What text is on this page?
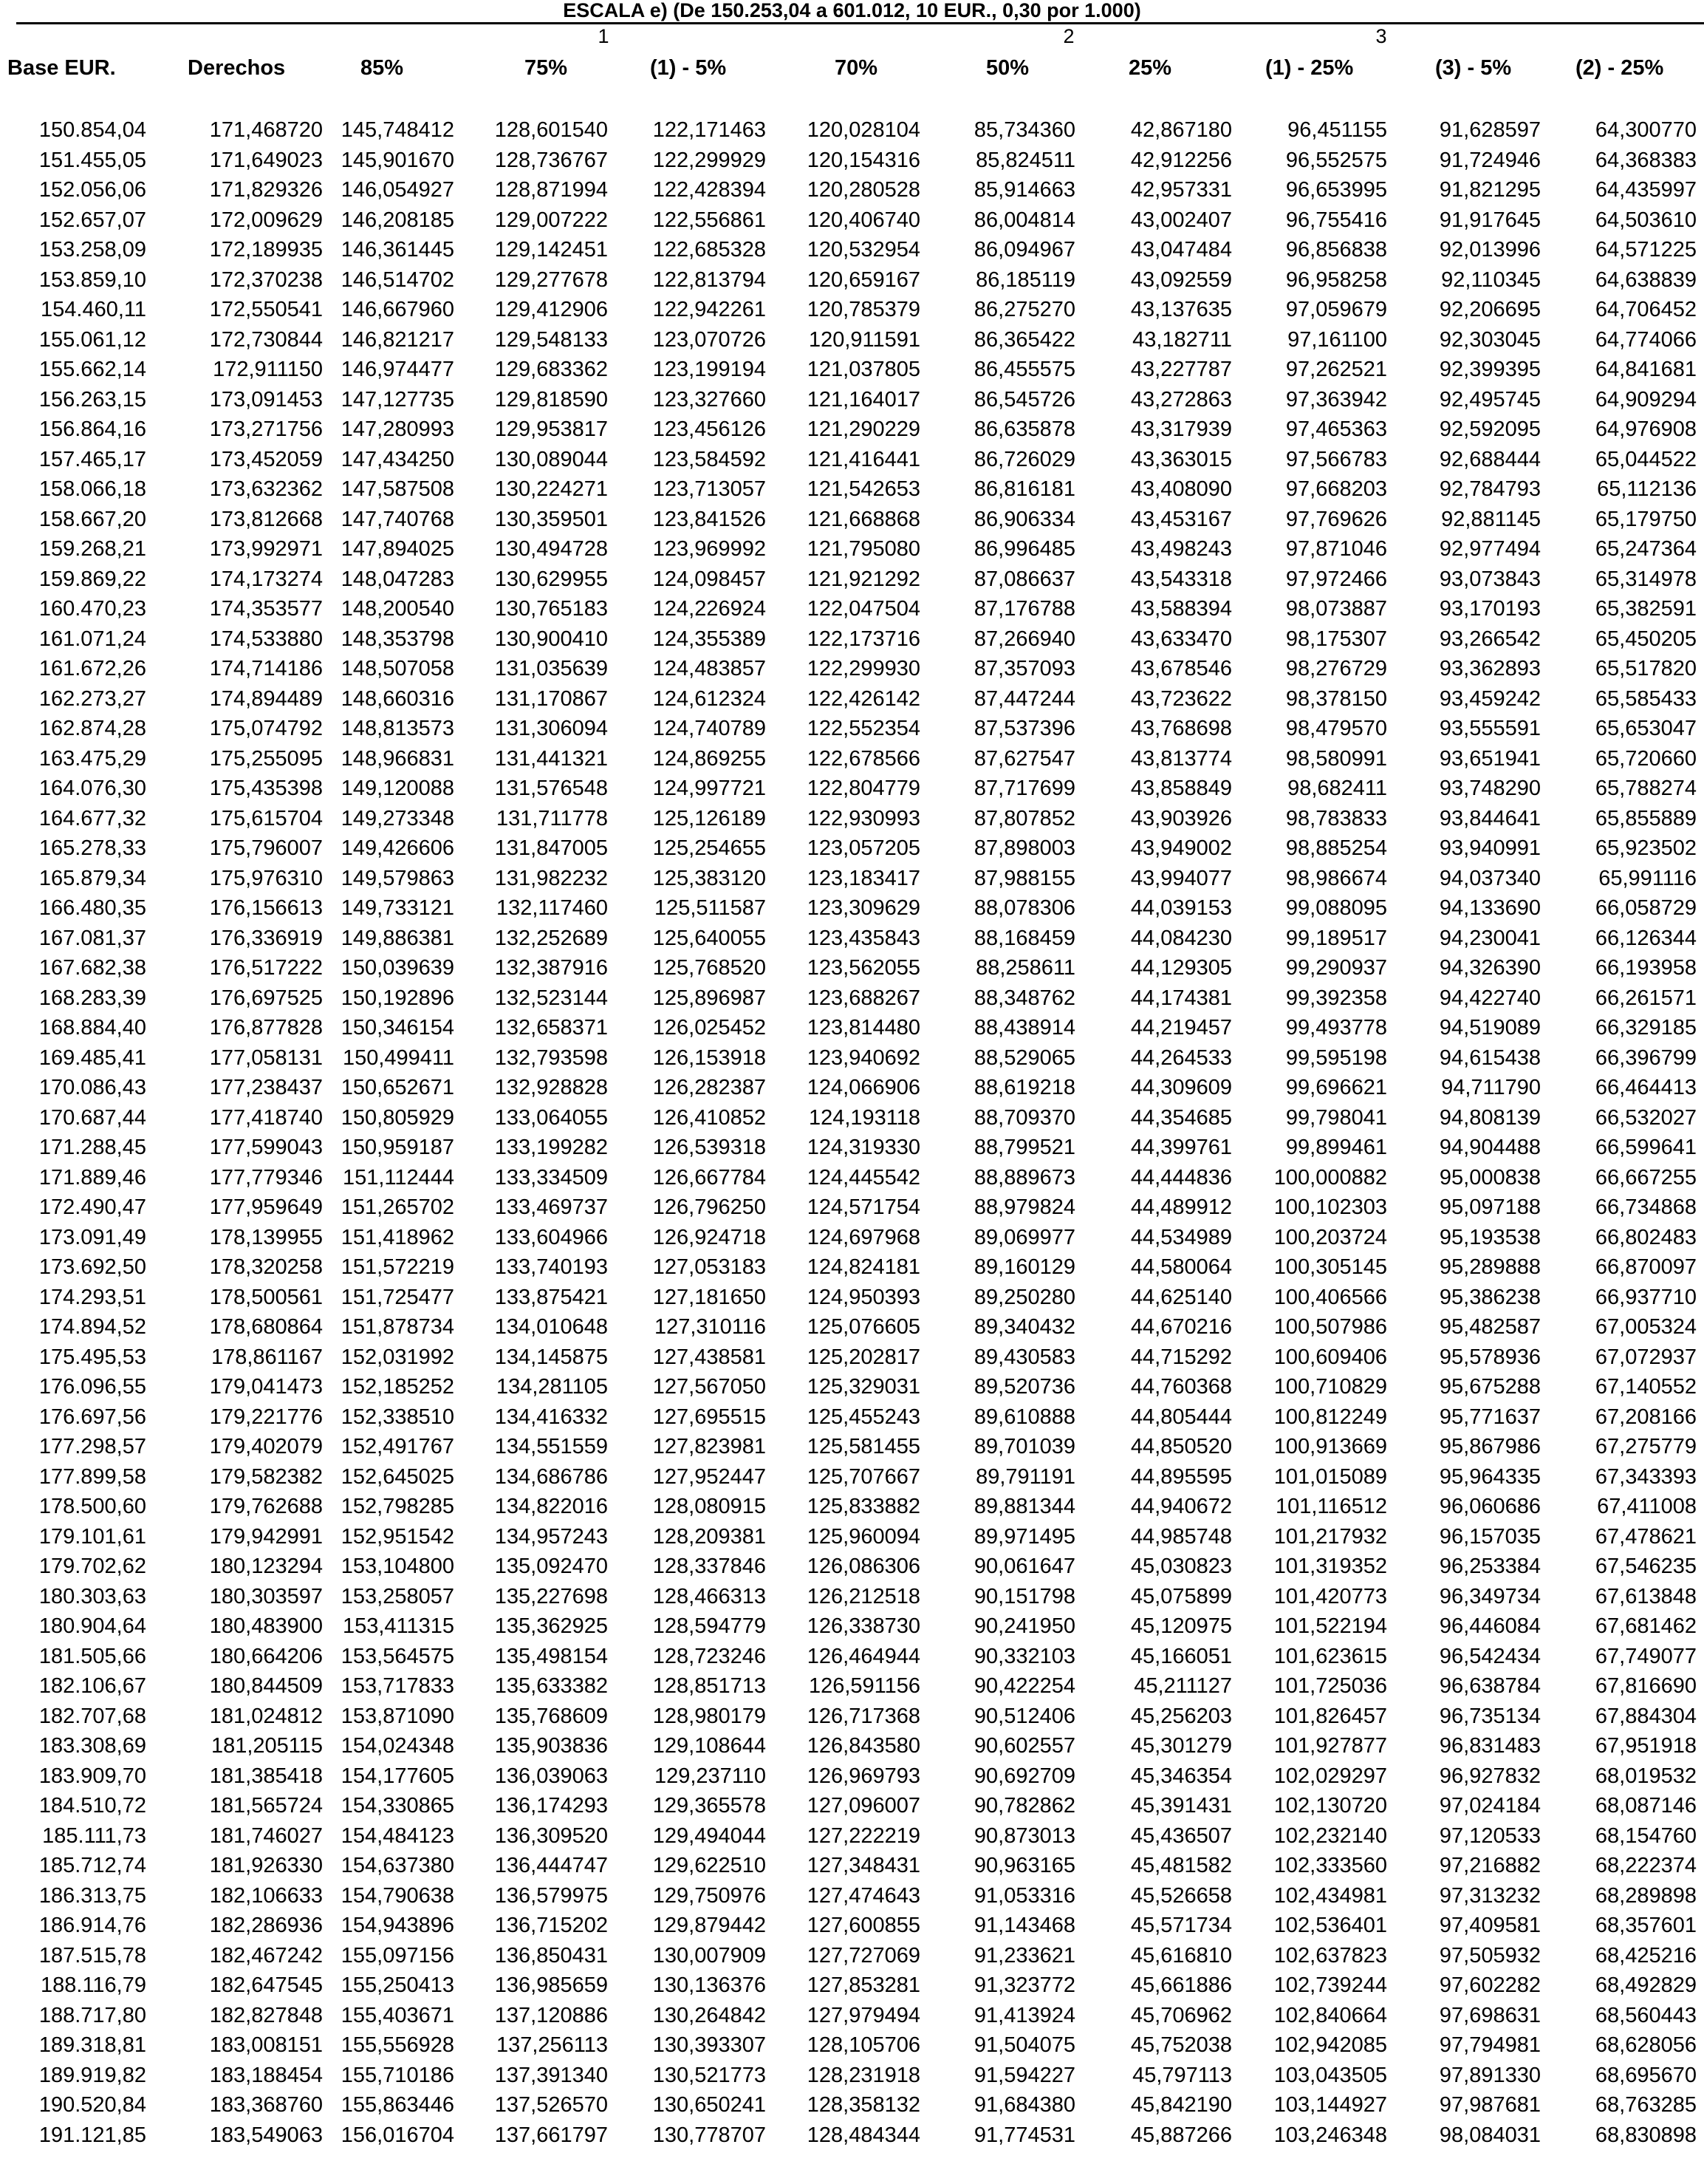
ESCALA e) (De 150.253,04 a 601.012, 10 EUR., 0,30 por 1.000)
1	2	3
Base EUR.	Derechos	85%	75%	(1) - 5%	70%	50%	25%	(1) - 25%	(3) - 5%	(2) - 25%
150.854,04	171,468720 145,748412 128,601540 122,171463 120,028104	85,734360	42,867180	96,451155 91,628597	64,300770
151.455,05	171,649023 145,901670 128,736767 122,299929 120,154316	85,824511	42,912256	96,552575 91,724946	64,368383
152.056,06	171,829326 146,054927 128,871994 122,428394 120,280528	85,914663	42,957331	96,653995 91,821295	64,435997
152.657,07	172,009629 146,208185 129,007222 122,556861 120,406740	86,004814	43,002407	96,755416 91,917645	64,503610
153.258,09	172,189935 146,361445 129,142451 122,685328 120,532954	86,094967	43,047484	96,856838 92,013996	64,571225
153.859,10	172,370238 146,514702 129,277678 122,813794 120,659167	86,185119	43,092559	96,958258	92,110345	64,638839
154.460,11	172,550541 146,667960 129,412906 122,942261 120,785379	86,275270	43,137635	97,059679 92,206695	64,706452
155.061,12	172,730844 146,821217 129,548133 123,070726 120,911591	86,365422	43,182711	97,161100 92,303045	64,774066
155.662,14	172,911150 146,974477 129,683362 123,199194 121,037805	86,455575	43,227787	97,262521 92,399395	64,841681
156.263,15	173,091453 147,127735 129,818590 123,327660 121,164017	86,545726	43,272863	97,363942 92,495745	64,909294
156.864,16	173,271756 147,280993 129,953817 123,456126 121,290229	86,635878	43,317939	97,465363 92,592095	64,976908
157.465,17	173,452059 147,434250 130,089044 123,584592 121,416441	86,726029	43,363015	97,566783 92,688444	65,044522
158.066,18	173,632362 147,587508 130,224271 123,713057 121,542653	86,816181	43,408090	97,668203 92,784793	65,112136
158.667,20	173,812668 147,740768 130,359501 123,841526 121,668868	86,906334	43,453167	97,769626	92,881145	65,179750
159.268,21	173,992971 147,894025 130,494728 123,969992 121,795080	86,996485	43,498243	97,871046 92,977494	65,247364
159.869,22	174,173274 148,047283 130,629955 124,098457 121,921292	87,086637	43,543318	97,972466 93,073843	65,314978
160.470,23	174,353577 148,200540 130,765183 124,226924 122,047504	87,176788	43,588394	98,073887 93,170193	65,382591
161.071,24	174,533880 148,353798 130,900410 124,355389 122,173716	87,266940	43,633470	98,175307 93,266542	65,450205
161.672,26	174,714186 148,507058 131,035639 124,483857 122,299930	87,357093	43,678546	98,276729 93,362893	65,517820
162.273,27	174,894489 148,660316 131,170867 124,612324 122,426142	87,447244	43,723622	98,378150 93,459242	65,585433
162.874,28	175,074792 148,813573 131,306094 124,740789 122,552354	87,537396	43,768698	98,479570 93,555591	65,653047
163.475,29	175,255095 148,966831 131,441321 124,869255 122,678566	87,627547	43,813774	98,580991 93,651941	65,720660
164.076,30	175,435398 149,120088 131,576548 124,997721 122,804779	87,717699	43,858849	98,682411 93,748290	65,788274
164.677,32	175,615704 149,273348 131,711778 125,126189 122,930993	87,807852	43,903926	98,783833 93,844641	65,855889
165.278,33	175,796007 149,426606 131,847005 125,254655 123,057205	87,898003	43,949002	98,885254 93,940991	65,923502
165.879,34	175,976310 149,579863 131,982232 125,383120 123,183417	87,988155	43,994077	98,986674 94,037340	65,991116
166.480,35	176,156613 149,733121 132,117460 125,511587 123,309629	88,078306	44,039153	99,088095 94,133690	66,058729
167.081,37	176,336919 149,886381 132,252689 125,640055 123,435843	88,168459	44,084230	99,189517 94,230041	66,126344
167.682,38	176,517222 150,039639 132,387916 125,768520 123,562055	88,258611	44,129305	99,290937 94,326390	66,193958
168.283,39	176,697525 150,192896 132,523144 125,896987 123,688267	88,348762	44,174381	99,392358 94,422740	66,261571
168.884,40	176,877828 150,346154 132,658371 126,025452 123,814480	88,438914	44,219457	99,493778 94,519089	66,329185
169.485,41	177,058131 150,499411 132,793598 126,153918 123,940692	88,529065	44,264533	99,595198 94,615438	66,396799
170.086,43	177,238437 150,652671 132,928828 126,282387 124,066906	88,619218	44,309609	99,696621	94,711790	66,464413
170.687,44	177,418740 150,805929 133,064055 126,410852 124,193118	88,709370	44,354685	99,798041 94,808139	66,532027
171.288,45	177,599043 150,959187 133,199282 126,539318 124,319330	88,799521	44,399761	99,899461 94,904488	66,599641
171.889,46	177,779346 151,112444 133,334509 126,667784 124,445542	88,889673	44,444836 100,000882 95,000838	66,667255
172.490,47	177,959649 151,265702 133,469737 126,796250 124,571754	88,979824	44,489912 100,102303 95,097188	66,734868
173.091,49	178,139955 151,418962 133,604966 126,924718 124,697968	89,069977	44,534989 100,203724 95,193538	66,802483
173.692,50	178,320258 151,572219 133,740193 127,053183 124,824181	89,160129	44,580064 100,305145 95,289888	66,870097
174.293,51	178,500561 151,725477 133,875421 127,181650 124,950393	89,250280	44,625140 100,406566 95,386238	66,937710
174.894,52	178,680864 151,878734 134,010648 127,310116 125,076605	89,340432	44,670216 100,507986 95,482587	67,005324
175.495,53	178,861167 152,031992 134,145875 127,438581 125,202817	89,430583	44,715292 100,609406 95,578936	67,072937
176.096,55	179,041473 152,185252 134,281105 127,567050 125,329031	89,520736	44,760368 100,710829 95,675288	67,140552
176.697,56	179,221776 152,338510 134,416332 127,695515 125,455243	89,610888	44,805444 100,812249 95,771637	67,208166
177.298,57	179,402079 152,491767 134,551559 127,823981 125,581455	89,701039	44,850520 100,913669 95,867986	67,275779
177.899,58	179,582382 152,645025 134,686786 127,952447 125,707667	89,791191	44,895595 101,015089 95,964335	67,343393
178.500,60	179,762688 152,798285 134,822016 128,080915 125,833882	89,881344	44,940672 101,116512 96,060686	67,411008
179.101,61	179,942991 152,951542 134,957243 128,209381 125,960094	89,971495	44,985748 101,217932 96,157035	67,478621
179.702,62	180,123294 153,104800 135,092470 128,337846 126,086306	90,061647	45,030823 101,319352 96,253384	67,546235
180.303,63	180,303597 153,258057 135,227698 128,466313 126,212518	90,151798	45,075899 101,420773 96,349734	67,613848
180.904,64	180,483900 153,411315 135,362925 128,594779 126,338730	90,241950	45,120975 101,522194 96,446084	67,681462
181.505,66	180,664206 153,564575 135,498154 128,723246 126,464944	90,332103	45,166051 101,623615 96,542434	67,749077
182.106,67	180,844509 153,717833 135,633382 128,851713 126,591156	90,422254	45,211127 101,725036 96,638784	67,816690
182.707,68	181,024812 153,871090 135,768609 128,980179 126,717368	90,512406	45,256203 101,826457 96,735134	67,884304
183.308,69	181,205115 154,024348 135,903836 129,108644 126,843580	90,602557	45,301279 101,927877 96,831483	67,951918
183.909,70	181,385418 154,177605 136,039063 129,237110 126,969793	90,692709	45,346354 102,029297 96,927832	68,019532
184.510,72	181,565724 154,330865 136,174293 129,365578 127,096007	90,782862	45,391431 102,130720 97,024184	68,087146
185.111,73	181,746027 154,484123 136,309520 129,494044 127,222219	90,873013	45,436507 102,232140 97,120533	68,154760
185.712,74	181,926330 154,637380 136,444747 129,622510 127,348431	90,963165	45,481582 102,333560 97,216882	68,222374
186.313,75	182,106633 154,790638 136,579975 129,750976 127,474643	91,053316	45,526658 102,434981 97,313232	68,289898
186.914,76	182,286936 154,943896 136,715202 129,879442 127,600855	91,143468	45,571734 102,536401 97,409581	68,357601
187.515,78	182,467242 155,097156 136,850431 130,007909 127,727069	91,233621	45,616810 102,637823 97,505932	68,425216
188.116,79	182,647545 155,250413 136,985659 130,136376 127,853281	91,323772	45,661886 102,739244 97,602282	68,492829
188.717,80	182,827848 155,403671 137,120886 130,264842 127,979494	91,413924	45,706962 102,840664 97,698631	68,560443
189.318,81	183,008151 155,556928 137,256113 130,393307 128,105706	91,504075	45,752038 102,942085 97,794981	68,628056
189.919,82	183,188454 155,710186 137,391340 130,521773 128,231918	91,594227	45,797113 103,043505 97,891330	68,695670
190.520,84	183,368760 155,863446 137,526570 130,650241 128,358132	91,684380	45,842190 103,144927 97,987681	68,763285
191.121,85	183,549063 156,016704 137,661797 130,778707 128,484344	91,774531	45,887266 103,246348 98,084031	68,830898
